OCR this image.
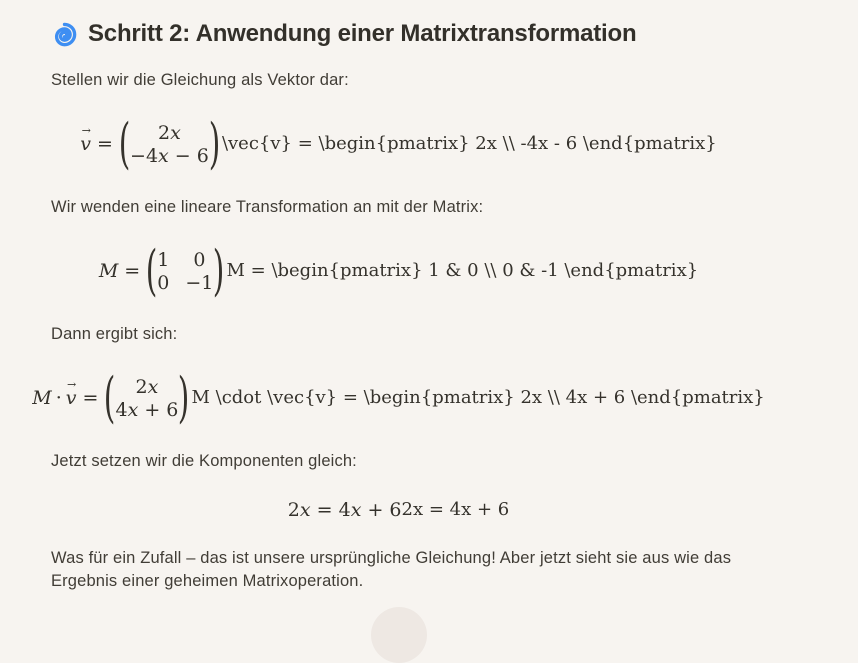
Schritt 2: Anwendung einer Matrixtransformation

Stellen wir die Gleichung als Vektor dar:

v → = ( 2x
−4x − 6 ) \vec{v} = \begin{pmatrix} 2x \\ -4x - 6 \end{pmatrix}

Wir wenden eine lineare Transformation an mit der Matrix:

M = ( 1 0
0 −1 ) M = \begin{pmatrix} 1 & 0 \\ 0 & -1 \end{pmatrix}

Dann ergibt sich:

M · v → = ( 2x
4x + 6 ) M \cdot \vec{v} = \begin{pmatrix} 2x \\ 4x + 6 \end{pmatrix}

Jetzt setzen wir die Komponenten gleich:

2x = 4x + 6 2x = 4x + 6

Was für ein Zufall – das ist unsere ursprüngliche Gleichung! Aber jetzt sieht sie aus wie das Ergebnis einer geheimen Matrixoperation.
